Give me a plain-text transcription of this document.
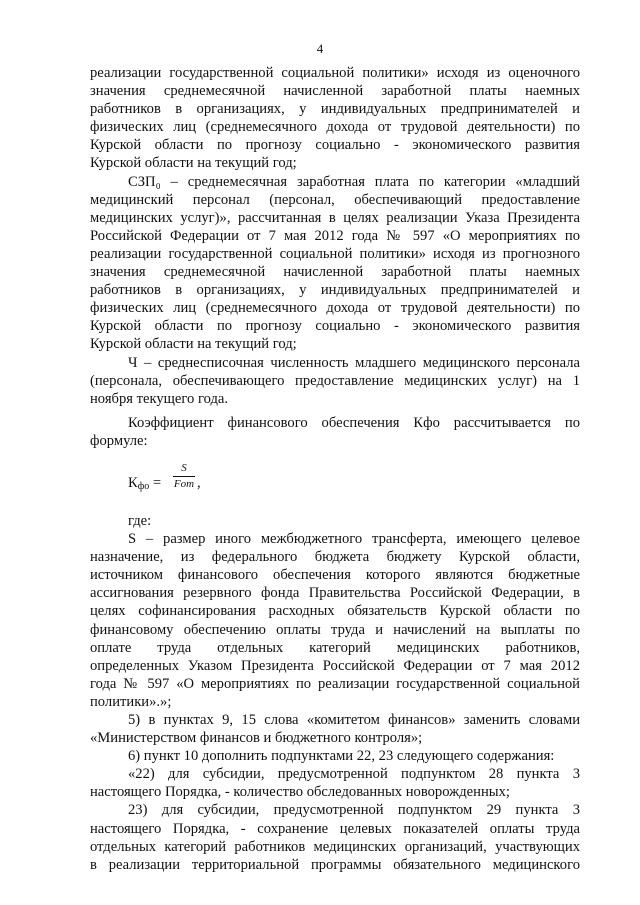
4
реализации государственной социальной политики» исходя из оценочного
значения среднемесячной начисленной заработной платы наемных
работников в организациях, у индивидуальных предпринимателей и
физических лиц (среднемесячного дохода от трудовой деятельности) по
Курской области по прогнозу социально - экономического развития
Курской области на текущий год;
СЗП₀ – среднемесячная заработная плата по категории «младший
медицинский персонал (персонал, обеспечивающий предоставление
медицинских услуг)», рассчитанная в целях реализации Указа Президента
Российской Федерации от 7 мая 2012 года № 597 «О мероприятиях по
реализации государственной социальной политики» исходя из прогнозного
значения среднемесячной начисленной заработной платы наемных
работников в организациях, у индивидуальных предпринимателей и
физических лиц (среднемесячного дохода от трудовой деятельности) по
Курской области по прогнозу социально - экономического развития
Курской области на текущий год;
Ч – среднесписочная численность младшего медицинского персонала
(персонала, обеспечивающего предоставление медицинских услуг) на 1
ноября текущего года.
Коэффициент финансового обеспечения Кфо рассчитывается по
формуле:
$К_{фо}$ =
S
Fom ,
где:
S – размер иного межбюджетного трансферта, имеющего целевое
назначение, из федерального бюджета бюджету Курской области,
источником финансового обеспечения которого являются бюджетные
ассигнования резервного фонда Правительства Российской Федерации, в
целях софинансирования расходных обязательств Курской области по
финансовому обеспечению оплаты труда и начислений на выплаты по
оплате труда отдельных категорий медицинских работников,
определенных Указом Президента Российской Федерации от 7 мая 2012
года № 597 «О мероприятиях по реализации государственной социальной
политики».»;
5) в пунктах 9, 15 слова «комитетом финансов» заменить словами
«Министерством финансов и бюджетного контроля»;
6) пункт 10 дополнить подпунктами 22, 23 следующего содержания:
«22) для субсидии, предусмотренной подпунктом 28 пункта 3
настоящего Порядка, - количество обследованных новорожденных;
23) для субсидии, предусмотренной подпунктом 29 пункта 3
настоящего Порядка, - сохранение целевых показателей оплаты труда
отдельных категорий работников медицинских организаций, участвующих
в реализации территориальной программы обязательного медицинского
